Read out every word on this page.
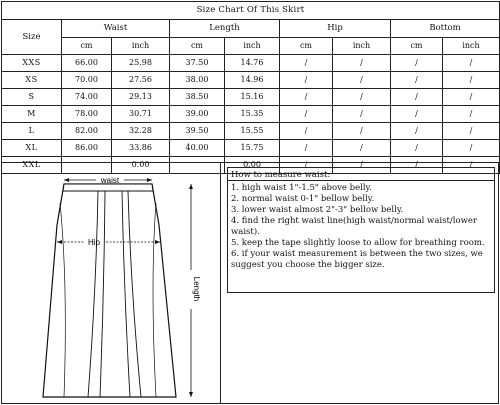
Size Chart Of This Skirt								
Size	Waist		Length		Hip		Bottom	
	cm	inch	cm	inch	cm	inch	cm	inch
XXS	66.00	25.98	37.50	14.76	/	/	/	/
XS	70.00	27.56	38.00	14.96	/	/	/	/
S	74.00	29.13	38.50	15.16	/	/	/	/
M	78.00	30.71	39.00	15.35	/	/	/	/
L	82.00	32.28	39.50	15.55	/	/	/	/
XL	86.00	33.86	40.00	15.75	/	/	/	/
XXL		0.00		0.00	/	/	/	/
waist
Hip
Length
How to measure waist:
1. high waist 1"-1.5" above belly.
2. normal waist 0-1" bellow belly.
3. lower waist almost 2"-3" bellow belly.
4. find the right waist line(high waist/normal waist/lower waist).
5. keep the tape slightly loose to allow for breathing room.
6. if your waist measurement is between the two sizes, we suggest you choose the bigger size.
